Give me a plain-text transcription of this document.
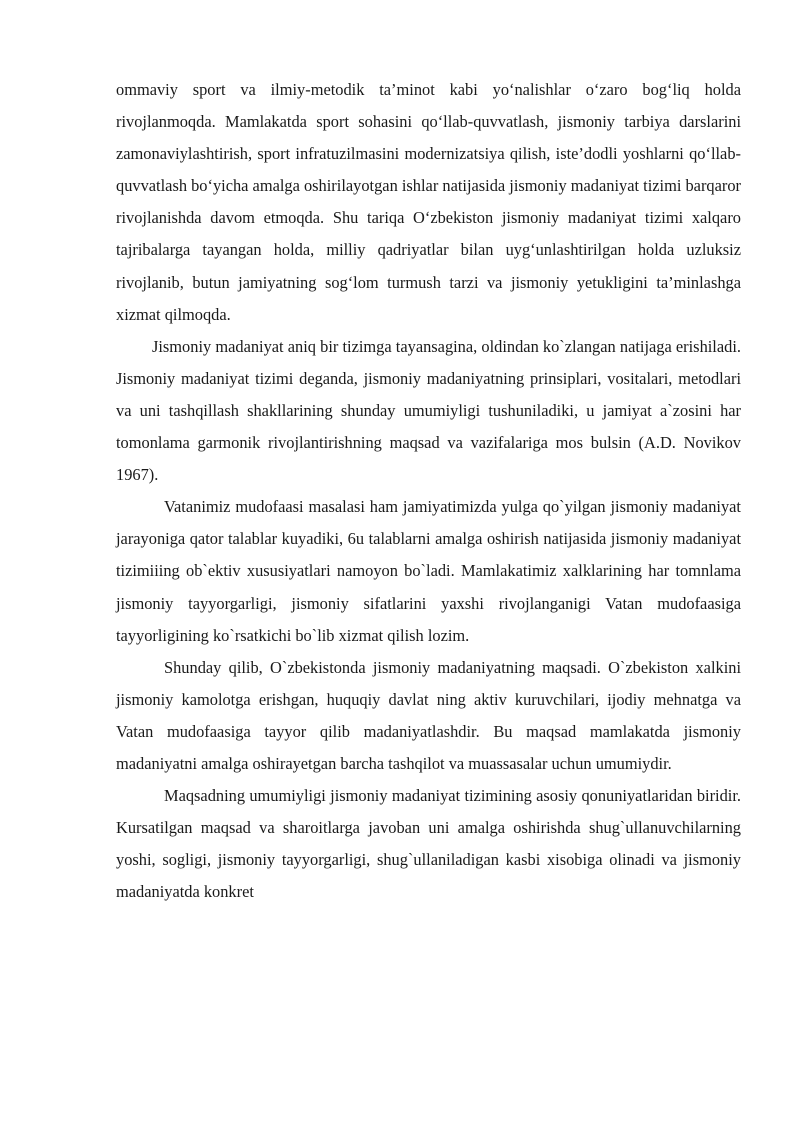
ommaviy sport va ilmiy-metodik ta’minot kabi yo‘nalishlar o‘zaro bog‘liq holda rivojlanmoqda. Mamlakatda sport sohasini qo‘llab-quvvatlash, jismoniy tarbiya darslarini zamonaviylashtirish, sport infratuzilmasini modernizatsiya qilish, iste’dodli yoshlarni qo‘llab-quvvatlash bo‘yicha amalga oshirilayotgan ishlar natijasida jismoniy madaniyat tizimi barqaror rivojlanishda davom etmoqda. Shu tariqa O‘zbekiston jismoniy madaniyat tizimi xalqaro tajribalarga tayangan holda, milliy qadriyatlar bilan uyg‘unlashtirilgan holda uzluksiz rivojlanib, butun jamiyatning sog‘lom turmush tarzi va jismoniy yetukligini ta’minlashga xizmat qilmoqda.

Jismoniy madaniyat aniq bir tizimga tayansagina, oldindan ko`zlangan natijaga erishiladi. Jismoniy madaniyat tizimi deganda, jismoniy madaniyatning prinsiplari, vositalari, metodlari va uni tashqillash shakllarining shunday umumiyligi tushuniladiki, u jamiyat a`zosini har tomonlama garmonik rivojlantirishning maqsad va vazifalariga mos bulsin (A.D. Novikov 1967).

Vatanimiz mudofaasi masalasi ham jamiyatimizda yulga qo`yilgan jismoniy madaniyat jarayoniga qator talablar kuyadiki, 6u talablarni amalga oshirish natijasida jismoniy madaniyat tizimiiing ob`ektiv xususiyatlari namoyon bo`ladi. Mamlakatimiz xalklarining har tomnlama jismoniy tayyorgarligi, jismoniy sifatlarini yaxshi rivojlanganigi Vatan mudofaasiga tayyorligining ko`rsatkichi bo`lib xizmat qilish lozim.

Shunday qilib, O`zbekistonda jismoniy madaniyatning maqsadi. O`zbekiston xalkini jismoniy kamolotga erishgan, huquqiy davlat ning aktiv kuruvchilari, ijodiy mehnatga va Vatan mudofaasiga tayyor qilib madaniyatlashdir. Bu maqsad mamlakatda jismoniy madaniyatni amalga oshirayetgan barcha tashqilot va muassasalar uchun umumiydir.

Maqsadning umumiyligi jismoniy madaniyat tizimining asosiy qonuniyatlaridan biridir. Kursatilgan maqsad va sharoitlarga javoban uni amalga oshirishda shug`ullanuvchilarning yoshi, sogligi, jismoniy tayyorgarligi, shug`ullaniladigan kasbi xisobiga olinadi va jismoniy madaniyatda konkret
